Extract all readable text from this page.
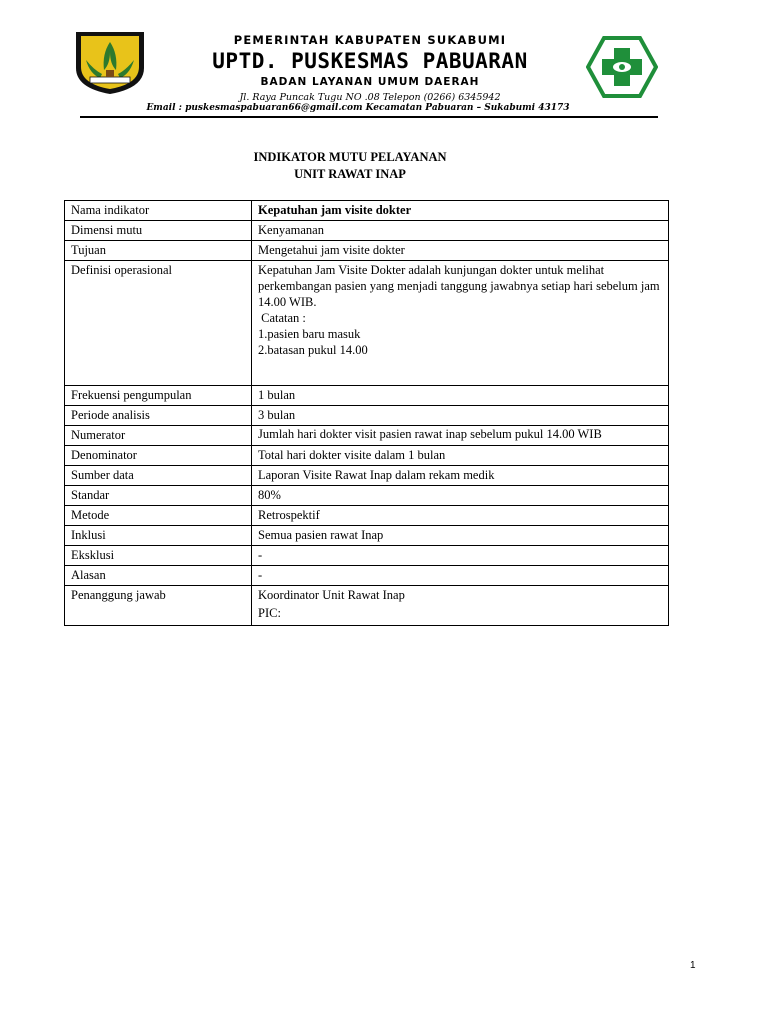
PEMERINTAH KABUPATEN SUKABUMI
UPTD. PUSKESMAS PABUARAN
BADAN LAYANAN UMUM DAERAH
Jl. Raya Puncak Tugu NO .08 Telepon (0266) 6345942
Email : puskesmaspabuaran66@gmail.com Kecamatan Pabuaran – Sukabumi 43173
INDIKATOR MUTU PELAYANAN
UNIT RAWAT INAP
Nama indikator	Kepatuhan jam visite dokter
Dimensi mutu	Kenyamanan
Tujuan	Mengetahui jam visite dokter
Definisi operasional	Kepatuhan Jam Visite Dokter adalah kunjungan dokter untuk melihat perkembangan pasien yang menjadi tanggung jawabnya setiap hari sebelum jam 14.00 WIB.
Catatan :
1.pasien baru masuk
2.batasan pukul 14.00

Frekuensi pengumpulan	1 bulan
Periode analisis	3 bulan
Numerator	Jumlah hari dokter visit pasien rawat inap sebelum pukul 14.00 WIB
Denominator	Total hari dokter visite dalam 1 bulan
Sumber data	Laporan Visite Rawat Inap dalam rekam medik
Standar	80%
Metode	Retrospektif
Inklusi	Semua pasien rawat Inap
Eksklusi	-
Alasan	-
Penanggung jawab	Koordinator Unit Rawat Inap
PIC:
1
